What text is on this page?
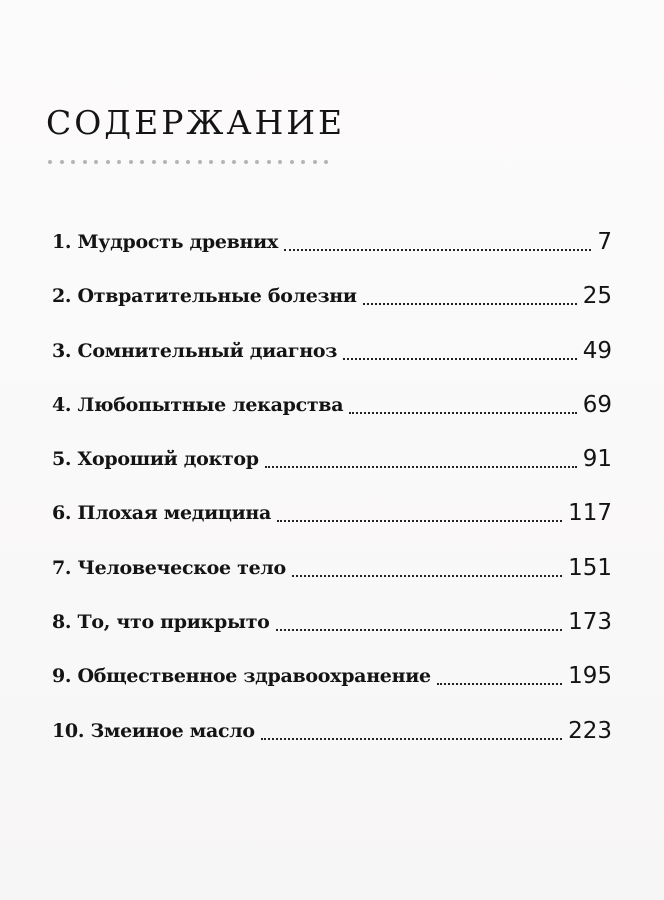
СОДЕРЖАНИЕ
1. Мудрость древних	7
2. Отвратительные болезни	25
3. Сомнительный диагноз	49
4. Любопытные лекарства	69
5. Хороший доктор	91
6. Плохая медицина	117
7. Человеческое тело	151
8. То, что прикрыто	173
9. Общественное здравоохранение	195
10. Змеиное масло	223
